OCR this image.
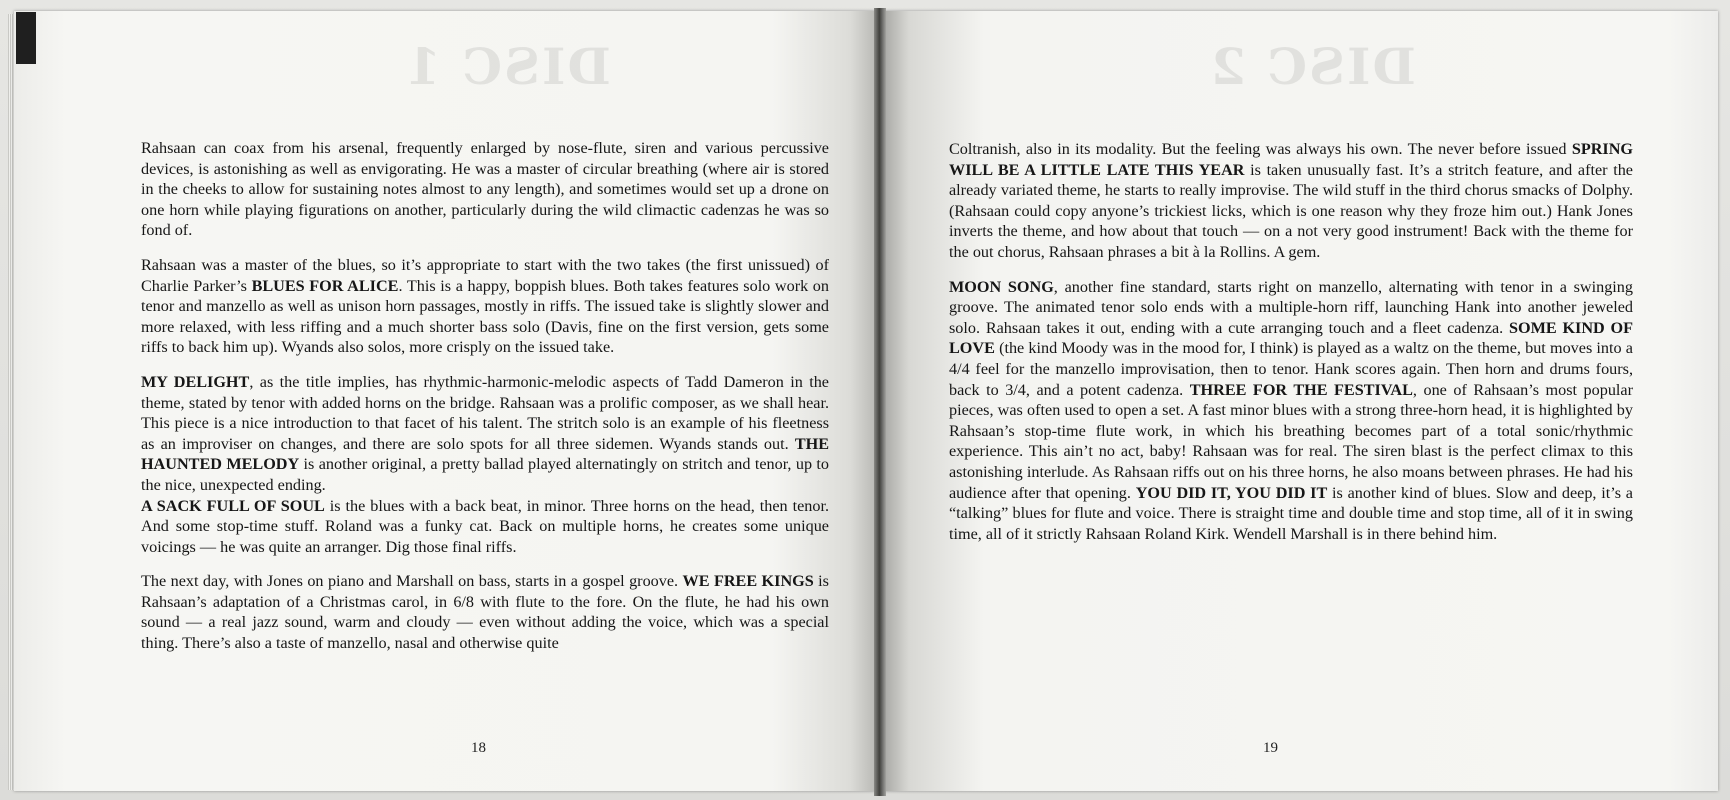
DISC 1

Rahsaan can coax from his arsenal, frequently enlarged by nose-flute, siren and various percussive devices, is astonishing as well as envigorating. He was a master of circular breathing (where air is stored in the cheeks to allow for sustaining notes almost to any length), and sometimes would set up a drone on one horn while playing figurations on another, particularly during the wild climactic cadenzas he was so fond of.

Rahsaan was a master of the blues, so it’s appropriate to start with the two takes (the first unissued) of Charlie Parker’s BLUES FOR ALICE. This is a happy, boppish blues. Both takes features solo work on tenor and manzello as well as unison horn passages, mostly in riffs. The issued take is slightly slower and more relaxed, with less riffing and a much shorter bass solo (Davis, fine on the first version, gets some riffs to back him up). Wyands also solos, more crisply on the issued take.

MY DELIGHT, as the title implies, has rhythmic-harmonic-melodic aspects of Tadd Dameron in the theme, stated by tenor with added horns on the bridge. Rahsaan was a prolific composer, as we shall hear. This piece is a nice introduction to that facet of his talent. The stritch solo is an example of his fleetness as an improviser on changes, and there are solo spots for all three sidemen. Wyands stands out. THE HAUNTED MELODY is another original, a pretty ballad played alternatingly on stritch and tenor, up to the nice, unexpected ending.

A SACK FULL OF SOUL is the blues with a back beat, in minor. Three horns on the head, then tenor. And some stop-time stuff. Roland was a funky cat. Back on multiple horns, he creates some unique voicings — he was quite an arranger. Dig those final riffs.

The next day, with Jones on piano and Marshall on bass, starts in a gospel groove. WE FREE KINGS is Rahsaan’s adaptation of a Christmas carol, in 6/8 with flute to the fore. On the flute, he had his own sound — a real jazz sound, warm and cloudy — even without adding the voice, which was a special thing. There’s also a taste of manzello, nasal and otherwise quite

18
DISC 2

Coltranish, also in its modality. But the feeling was always his own. The never before issued SPRING WILL BE A LITTLE LATE THIS YEAR is taken unusually fast. It’s a stritch feature, and after the already variated theme, he starts to really improvise. The wild stuff in the third chorus smacks of Dolphy. (Rahsaan could copy anyone’s trickiest licks, which is one reason why they froze him out.) Hank Jones inverts the theme, and how about that touch — on a not very good instrument! Back with the theme for the out chorus, Rahsaan phrases a bit à la Rollins. A gem.

MOON SONG, another fine standard, starts right on manzello, alternating with tenor in a swinging groove. The animated tenor solo ends with a multiple-horn riff, launching Hank into another jeweled solo. Rahsaan takes it out, ending with a cute arranging touch and a fleet cadenza. SOME KIND OF LOVE (the kind Moody was in the mood for, I think) is played as a waltz on the theme, but moves into a 4/4 feel for the manzello improvisation, then to tenor. Hank scores again. Then horn and drums fours, back to 3/4, and a potent cadenza. THREE FOR THE FESTIVAL, one of Rahsaan’s most popular pieces, was often used to open a set. A fast minor blues with a strong three-horn head, it is highlighted by Rahsaan’s stop-time flute work, in which his breathing becomes part of a total sonic/rhythmic experience. This ain’t no act, baby! Rahsaan was for real. The siren blast is the perfect climax to this astonishing interlude. As Rahsaan riffs out on his three horns, he also moans between phrases. He had his audience after that opening. YOU DID IT, YOU DID IT is another kind of blues. Slow and deep, it’s a “talking” blues for flute and voice. There is straight time and double time and stop time, all of it in swing time, all of it strictly Rahsaan Roland Kirk. Wendell Marshall is in there behind him.

19
